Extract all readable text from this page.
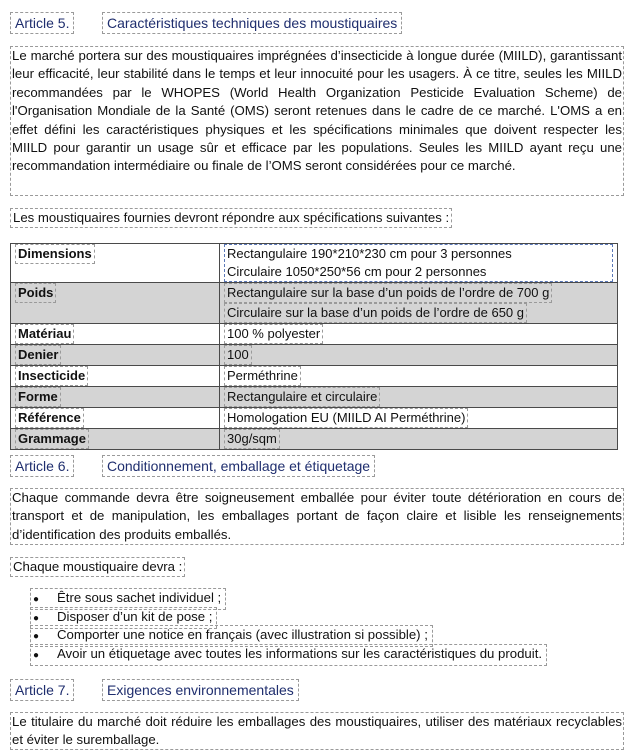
Article 5.	Caractéristiques techniques des moustiquaires
Le marché portera sur des moustiquaires imprégnées d’insecticide à longue durée (MIILD), garantissant leur efficacité, leur stabilité dans le temps et leur innocuité pour les usagers. À ce titre, seules les MIILD recommandées par le WHOPES (World Health Organization Pesticide Evaluation Scheme) de l'Organisation Mondiale de la Santé (OMS) seront retenues dans le cadre de ce marché. L'OMS a en effet défini les caractéristiques physiques et les spécifications minimales que doivent respecter les MIILD pour garantir un usage sûr et efficace par les populations. Seules les MIILD ayant reçu une recommandation intermédiaire ou finale de l’OMS seront considérées pour ce marché.
Les moustiquaires fournies devront répondre aux spécifications suivantes :
Dimensions	Rectangulaire 190*210*230 cm pour 3 personnes
Circulaire 1050*250*56 cm pour 2 personnes

Poids	Rectangulaire sur la base d’un poids de l’ordre de 700 g
Circulaire sur la base d’un poids de l’ordre de 650 g

Matériau	100 % polyester
Denier	100
Insecticide	Perméthrine
Forme	Rectangulaire et circulaire
Référence	Homologation EU (MIILD AI Perméthrine)
Grammage	30g/sqm
Article 6.	Conditionnement, emballage et étiquetage
Chaque commande devra être soigneusement emballée pour éviter toute détérioration en cours de transport et de manipulation, les emballages portant de façon claire et lisible les renseignements d’identification des produits emballés.
Chaque moustiquaire devra :
● Être sous sachet individuel ;
● Disposer d’un kit de pose ;
● Comporter une notice en français (avec illustration si possible) ;
● Avoir un étiquetage avec toutes les informations sur les caractéristiques du produit.
Article 7.	Exigences environnementales
Le titulaire du marché doit réduire les emballages des moustiquaires, utiliser des matériaux recyclables et éviter le suremballage.
